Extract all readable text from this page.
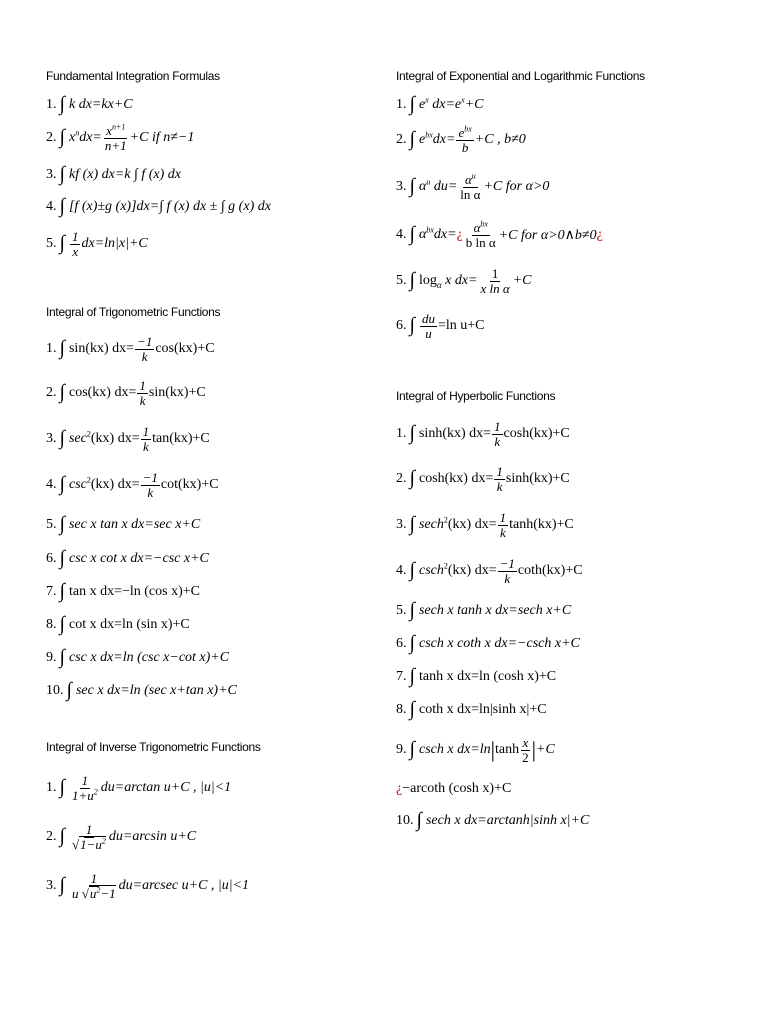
Fundamental Integration Formulas
1. ∫ k dx=kx+C
2. ∫ $x^ndx= \frac{x^{n+1}}{n+1} +C$ if n≠−1
3. ∫ kf (x) dx=k ∫ f (x) dx
4. ∫ [f (x)±g (x)]dx=∫ f (x) dx ± ∫ g (x) dx
5. ∫ $\frac{1}{x} dx=\ln|x|+C$
Integral of Trigonometric Functions
1. ∫ sin(kx) $dx= \frac{-1}{k} \cos(kx)+C$
2. ∫ cos(kx) $dx= \frac{1}{k} \sin(kx)+C$
3. ∫ $\sec^2(kx)$ $dx= \frac{1}{k} \tan(kx)+C$
4. ∫ $\csc^2(kx)$ $dx= \frac{-1}{k} \cot(kx)+C$
5. ∫ sec x tan x dx=sec x+C
6. ∫ csc x cot x dx=−csc x+C
7. ∫ tan x dx=−ln (cos x)+C
8. ∫ cot x dx=ln (sin x)+C
9. ∫ csc x dx=ln (csc x−cot x)+C
10. ∫ sec x dx=ln (sec x+tan x)+C
Integral of Inverse Trigonometric Functions
1. ∫ $\frac{1}{1+u^2} du=\arctan$ u+C , |u|<1
2. ∫ $\frac{1}{√1-u^2} du=\arcsin$ u+C
3. ∫ $\frac{1}{u √u^2-1} du=arcsec$ u+C , |u|<1
Integral of Exponential and Logarithmic Functions
1. ∫ $e^x$ $dx=e^x+C$
2. ∫ $e^{bx}dx= \frac{e^{bx}}{b} +C$ , b≠0
3. ∫ $\alpha^u$ $du= \frac{\alpha^u}{\text{ln α}} +C$ for α>0
4. ∫ $\alpha^{bx}dx=$ ¿ $\frac{\alpha^{bx}}{\text{b ln α}} +C$ for α>0∧b≠0 ¿
5. ∫ $\log_\alpha x$ $dx= \frac{1}{\text{x ln α}} +C$
6. ∫ $\frac{du}{u} =\ln$ u+C
Integral of Hyperbolic Functions
1. ∫ sinh(kx) $dx= \frac{1}{k} \cosh(kx)+C$
2. ∫ cosh(kx) $dx= \frac{1}{k} \sinh(kx)+C$
3. ∫ sech$^2$(kx) $dx= \frac{1}{k} \tanh(kx)+C$
4. ∫ csch$^2$(kx) $dx= \frac{-1}{k} \cot h(kx)+C$
5. ∫ sech x tanh x dx=sech x+C
6. ∫ csch x coth x dx=−csch x+C
7. ∫ tanh x dx=ln (cosh x)+C
8. ∫ coth x dx=ln|sinh x|+C
9. ∫ csch x dx=ln | $\tanh \frac{x}{2}$ | +C
¿ −arcoth (cosh x)+C
10. ∫ sech x dx=arctanh|sinh x|+C
